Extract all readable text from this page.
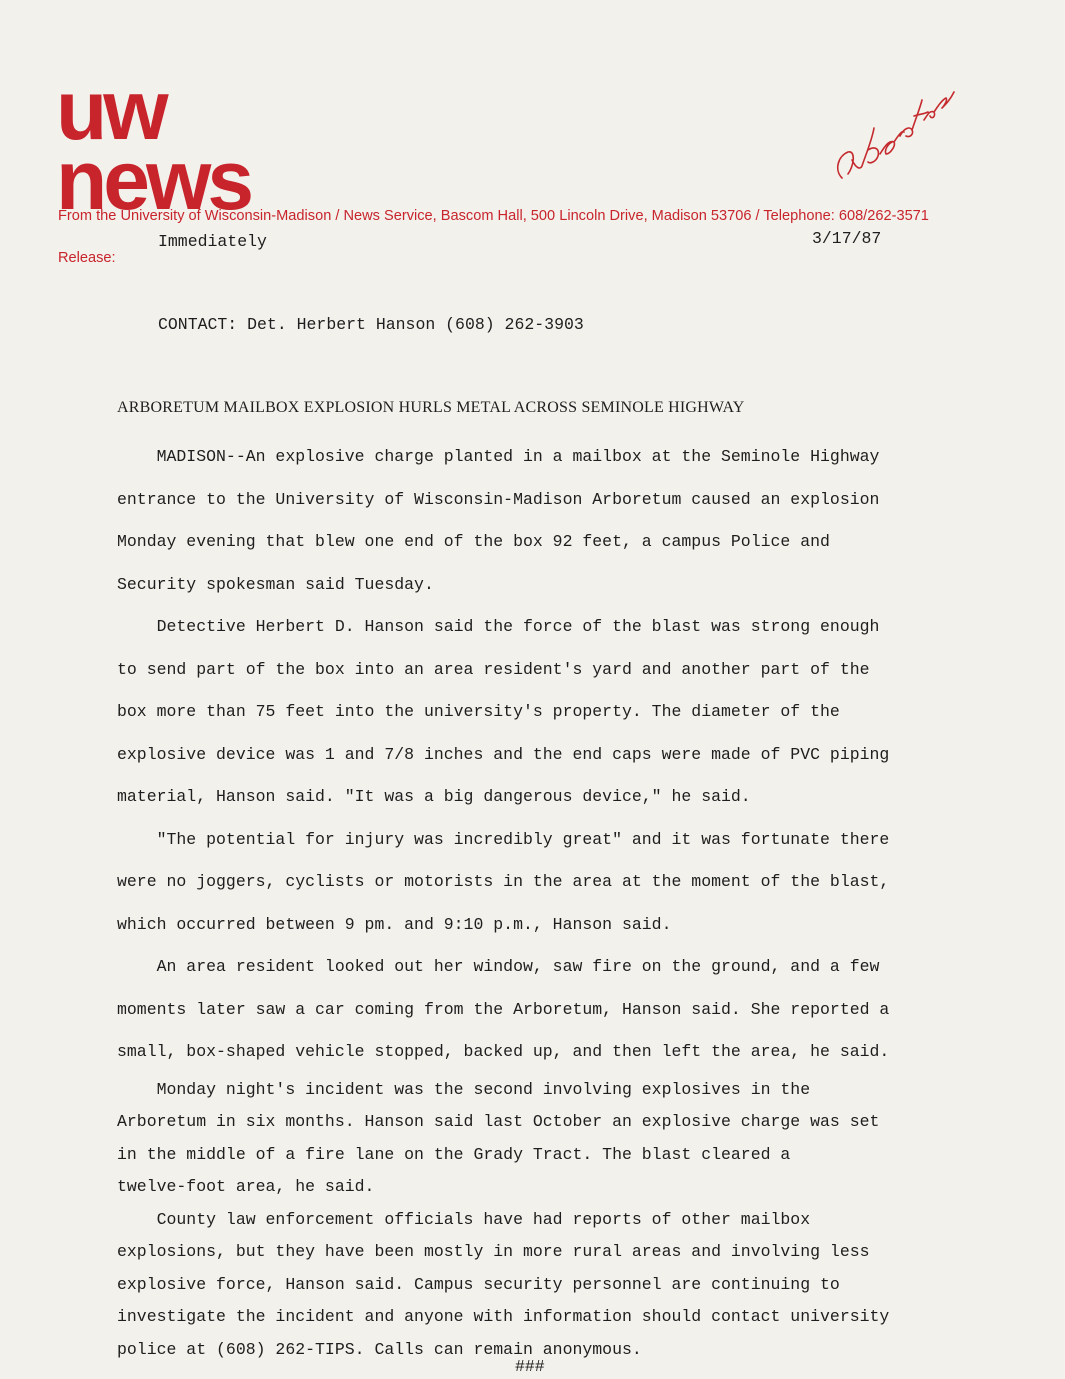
uw
news
From the University of Wisconsin-Madison / News Service, Bascom Hall, 500 Lincoln Drive, Madison 53706 / Telephone: 608/262-3571
Release:
Immediately	3/17/87
CONTACT: Det. Herbert Hanson (608) 262-3903
ARBORETUM MAILBOX EXPLOSION HURLS METAL ACROSS SEMINOLE HIGHWAY

MADISON--An explosive charge planted in a mailbox at the Seminole Highway

entrance to the University of Wisconsin-Madison Arboretum caused an explosion

Monday evening that blew one end of the box 92 feet, a campus Police and

Security spokesman said Tuesday.

Detective Herbert D. Hanson said the force of the blast was strong enough

to send part of the box into an area resident's yard and another part of the

box more than 75 feet into the university's property. The diameter of the

explosive device was 1 and 7/8 inches and the end caps were made of PVC piping

material, Hanson said. "It was a big dangerous device," he said.

"The potential for injury was incredibly great" and it was fortunate there

were no joggers, cyclists or motorists in the area at the moment of the blast,

which occurred between 9 pm. and 9:10 p.m., Hanson said.

An area resident looked out her window, saw fire on the ground, and a few

moments later saw a car coming from the Arboretum, Hanson said. She reported a

small, box-shaped vehicle stopped, backed up, and then left the area, he said.

Monday night's incident was the second involving explosives in the

Arboretum in six months. Hanson said last October an explosive charge was set

in the middle of a fire lane on the Grady Tract. The blast cleared a

twelve-foot area, he said.

County law enforcement officials have had reports of other mailbox

explosions, but they have been mostly in more rural areas and involving less

explosive force, Hanson said. Campus security personnel are continuing to

investigate the incident and anyone with information should contact university

police at (608) 262-TIPS. Calls can remain anonymous.

###
